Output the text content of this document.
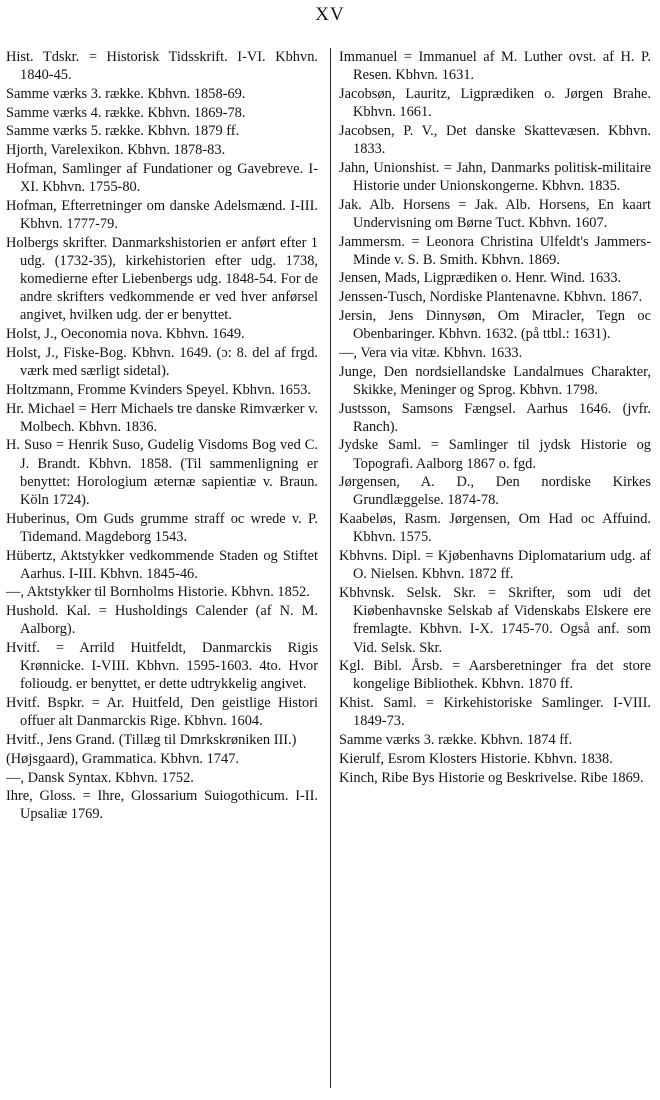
XV

Hist. Tdskr. = Historisk Tidsskrift. I-VI. Kbhvn. 1840-45.

Samme værks 3. række. Kbhvn. 1858-69.

Samme værks 4. række. Kbhvn. 1869-78.

Samme værks 5. række. Kbhvn. 1879 ff.

Hjorth, Varelexikon. Kbhvn. 1878-83.

Hofman, Samlinger af Fundationer og Gavebreve. I-XI. Kbhvn. 1755-80.

Hofman, Efterretninger om danske Adelsmænd. I-III. Kbhvn. 1777-79.

Holbergs skrifter. Danmarkshistorien er anført efter 1 udg. (1732-35), kirkehistorien efter udg. 1738, komedierne efter Liebenbergs udg. 1848-54. For de andre skrifters vedkommende er ved hver anførsel angivet, hvilken udg. der er benyttet.

Holst, J., Oeconomia nova. Kbhvn. 1649.

Holst, J., Fiske-Bog. Kbhvn. 1649. (ɔ: 8. del af frgd. værk med særligt sidetal).

Holtzmann, Fromme Kvinders Speyel. Kbhvn. 1653.

Hr. Michael = Herr Michaels tre danske Rimværker v. Molbech. Kbhvn. 1836.

H. Suso = Henrik Suso, Gudelig Visdoms Bog ved C. J. Brandt. Kbhvn. 1858. (Til sammenligning er benyttet: Horologium æternæ sapientiæ v. Braun. Köln 1724).

Huberinus, Om Guds grumme straff oc wrede v. P. Tidemand. Magdeborg 1543.

Hübertz, Aktstykker vedkommende Staden og Stiftet Aarhus. I-III. Kbhvn. 1845-46.

—, Aktstykker til Bornholms Historie. Kbhvn. 1852.

Hushold. Kal. = Husholdings Calender (af N. M. Aalborg).

Hvitf. = Arrild Huitfeldt, Danmarckis Rigis Krønnicke. I-VIII. Kbhvn. 1595-1603. 4to. Hvor folioudg. er benyttet, er dette udtrykkelig angivet.

Hvitf. Bspkr. = Ar. Huitfeld, Den geistlige Histori offuer alt Danmarckis Rige. Kbhvn. 1604.

Hvitf., Jens Grand. (Tillæg til Dmrkskrøniken III.)

(Højsgaard), Grammatica. Kbhvn. 1747.

—, Dansk Syntax. Kbhvn. 1752.

Ihre, Gloss. = Ihre, Glossarium Suiogothicum. I-II. Upsaliæ 1769.

Immanuel = Immanuel af M. Luther ovst. af H. P. Resen. Kbhvn. 1631.

Jacobsøn, Lauritz, Ligprædiken o. Jørgen Brahe. Kbhvn. 1661.

Jacobsen, P. V., Det danske Skattevæsen. Kbhvn. 1833.

Jahn, Unionshist. = Jahn, Danmarks politisk-militaire Historie under Unionskongerne. Kbhvn. 1835.

Jak. Alb. Horsens = Jak. Alb. Horsens, En kaart Undervisning om Børne Tuct. Kbhvn. 1607.

Jammersm. = Leonora Christina Ulfeldt's Jammers-Minde v. S. B. Smith. Kbhvn. 1869.

Jensen, Mads, Ligprædiken o. Henr. Wind. 1633.

Jenssen-Tusch, Nordiske Plantenavne. Kbhvn. 1867.

Jersin, Jens Dinnysøn, Om Miracler, Tegn oc Obenbaringer. Kbhvn. 1632. (på ttbl.: 1631).

—, Vera via vitæ. Kbhvn. 1633.

Junge, Den nordsiellandske Landalmues Charakter, Skikke, Meninger og Sprog. Kbhvn. 1798.

Justsson, Samsons Fængsel. Aarhus 1646. (jvfr. Ranch).

Jydske Saml. = Samlinger til jydsk Historie og Topografi. Aalborg 1867 o. fgd.

Jørgensen, A. D., Den nordiske Kirkes Grundlæggelse. 1874-78.

Kaabeløs, Rasm. Jørgensen, Om Had oc Affuind. Kbhvn. 1575.

Kbhvns. Dipl. = Kjøbenhavns Diplomatarium udg. af O. Nielsen. Kbhvn. 1872 ff.

Kbhvnsk. Selsk. Skr. = Skrifter, som udi det Kiøbenhavnske Selskab af Videnskabs Elskere ere fremlagte. Kbhvn. I-X. 1745-70. Også anf. som Vid. Selsk. Skr.

Kgl. Bibl. Årsb. = Aarsberetninger fra det store kongelige Bibliothek. Kbhvn. 1870 ff.

Khist. Saml. = Kirkehistoriske Samlinger. I-VIII. 1849-73.

Samme værks 3. række. Kbhvn. 1874 ff.

Kierulf, Esrom Klosters Historie. Kbhvn. 1838.

Kinch, Ribe Bys Historie og Beskrivelse. Ribe 1869.
